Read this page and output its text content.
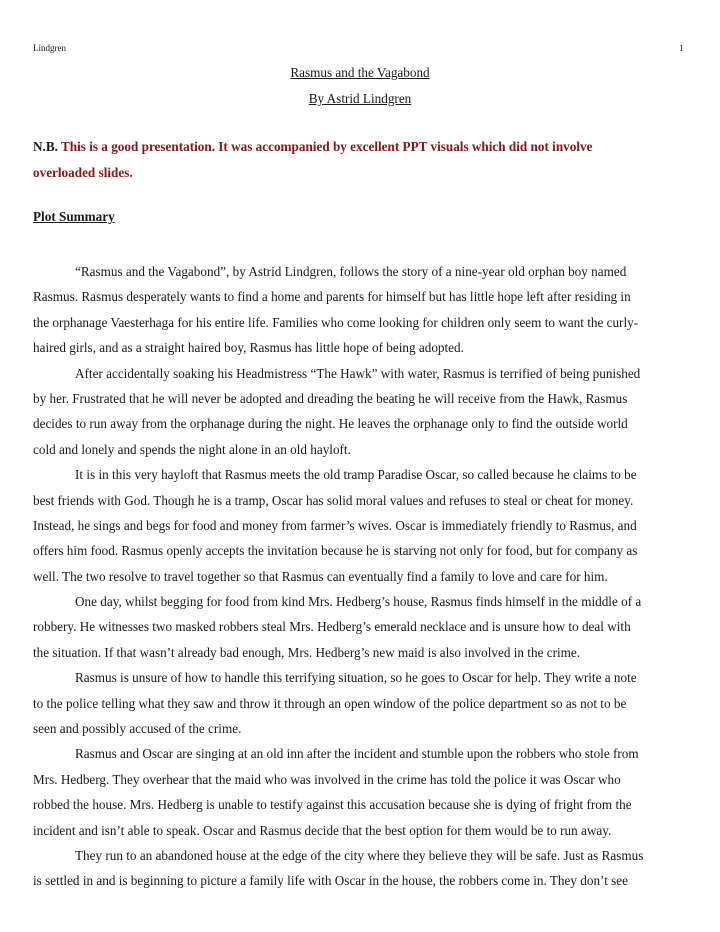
Lindgren	1
Rasmus and the Vagabond
By Astrid Lindgren
N.B. This is a good presentation. It was accompanied by excellent PPT visuals which did not involve
overloaded slides.
Plot Summary
“Rasmus and the Vagabond”, by Astrid Lindgren, follows the story of a nine-year old orphan boy named
Rasmus. Rasmus desperately wants to find a home and parents for himself but has little hope left after residing in
the orphanage Vaesterhaga for his entire life. Families who come looking for children only seem to want the curly-
haired girls, and as a straight haired boy, Rasmus has little hope of being adopted.
After accidentally soaking his Headmistress “The Hawk” with water, Rasmus is terrified of being punished
by her. Frustrated that he will never be adopted and dreading the beating he will receive from the Hawk, Rasmus
decides to run away from the orphanage during the night. He leaves the orphanage only to find the outside world
cold and lonely and spends the night alone in an old hayloft.
It is in this very hayloft that Rasmus meets the old tramp Paradise Oscar, so called because he claims to be
best friends with God. Though he is a tramp, Oscar has solid moral values and refuses to steal or cheat for money.
Instead, he sings and begs for food and money from farmer’s wives. Oscar is immediately friendly to Rasmus, and
offers him food. Rasmus openly accepts the invitation because he is starving not only for food, but for company as
well. The two resolve to travel together so that Rasmus can eventually find a family to love and care for him.
One day, whilst begging for food from kind Mrs. Hedberg’s house, Rasmus finds himself in the middle of a
robbery. He witnesses two masked robbers steal Mrs. Hedberg’s emerald necklace and is unsure how to deal with
the situation. If that wasn’t already bad enough, Mrs. Hedberg’s new maid is also involved in the crime.
Rasmus is unsure of how to handle this terrifying situation, so he goes to Oscar for help. They write a note
to the police telling what they saw and throw it through an open window of the police department so as not to be
seen and possibly accused of the crime.
Rasmus and Oscar are singing at an old inn after the incident and stumble upon the robbers who stole from
Mrs. Hedberg. They overhear that the maid who was involved in the crime has told the police it was Oscar who
robbed the house. Mrs. Hedberg is unable to testify against this accusation because she is dying of fright from the
incident and isn’t able to speak. Oscar and Rasmus decide that the best option for them would be to run away.
They run to an abandoned house at the edge of the city where they believe they will be safe. Just as Rasmus
is settled in and is beginning to picture a family life with Oscar in the house, the robbers come in. They don’t see
